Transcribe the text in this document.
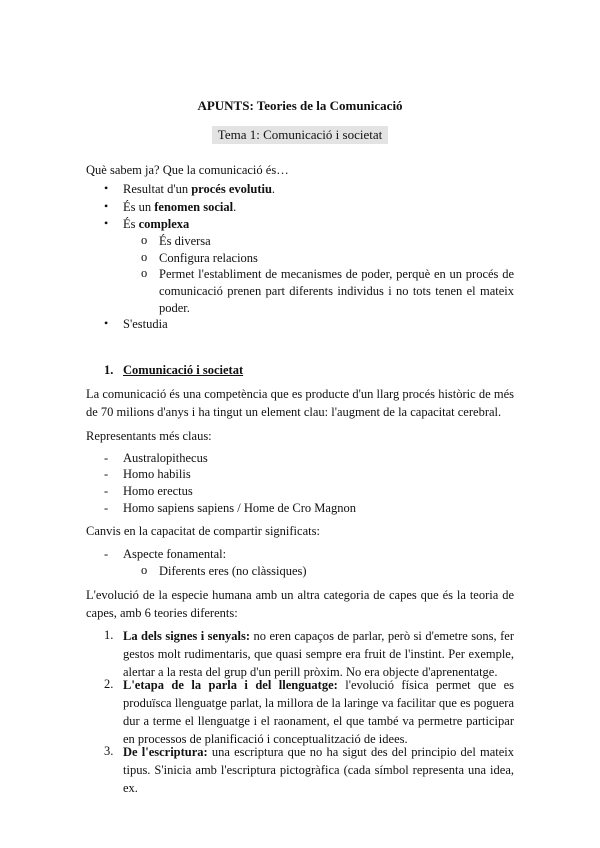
APUNTS: Teories de la Comunicació
Tema 1: Comunicació i societat
Què sabem ja? Que la comunicació és…
• Resultat d'un procés evolutiu.
• És un fenomen social.
• És complexa
o És diversa
o Configura relacions
o Permet l'establiment de mecanismes de poder, perquè en un procés de comunicació prenen part diferents individus i no tots tenen el mateix poder.
• S'estudia
1. Comunicació i societat
La comunicació és una competència que es producte d'un llarg procés històric de més de 70 milions d'anys i ha tingut un element clau: l'augment de la capacitat cerebral.
Representants més claus:
- Australopithecus
- Homo habilis
- Homo erectus
- Homo sapiens sapiens / Home de Cro Magnon
Canvis en la capacitat de compartir significats:
- Aspecte fonamental:
o Diferents eres (no clàssiques)
L'evolució de la especie humana amb un altra categoria de capes que és la teoria de capes, amb 6 teories diferents:
1. La dels signes i senyals: no eren capaços de parlar, però si d'emetre sons, fer gestos molt rudimentaris, que quasi sempre era fruit de l'instint. Per exemple, alertar a la resta del grup d'un perill pròxim. No era objecte d'aprenentatge.
2. L'etapa de la parla i del llenguatge: l'evolució física permet que es produïsca llenguatge parlat, la millora de la laringe va facilitar que es poguera dur a terme el llenguatge i el raonament, el que també va permetre participar en processos de planificació i conceptualització de idees.
3. De l'escriptura: una escriptura que no ha sigut des del principio del mateix tipus. S'inicia amb l'escriptura pictogràfica (cada símbol representa una idea, ex.
